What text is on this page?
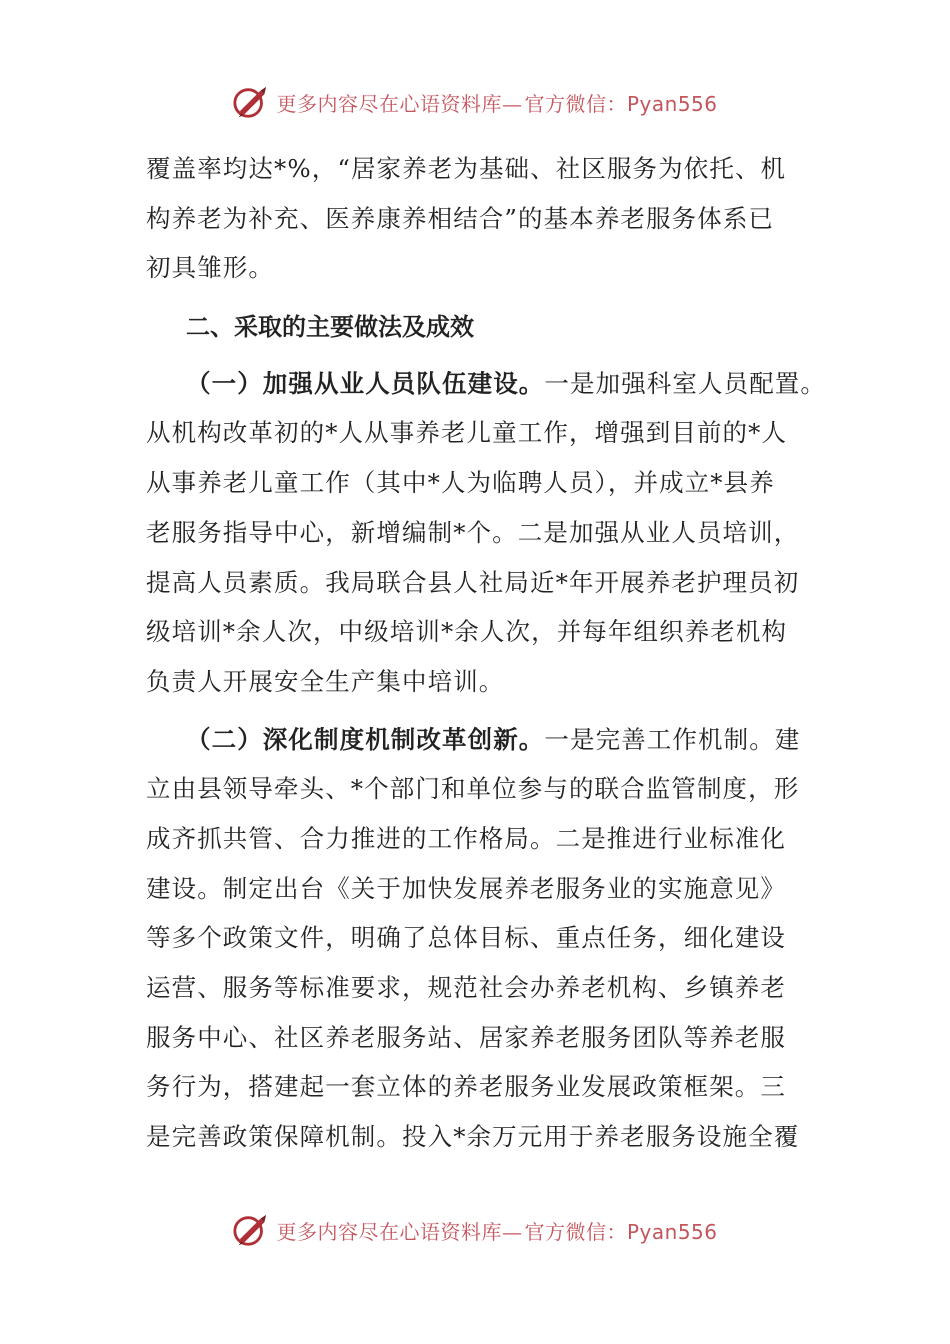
更多内容尽在心语资料库— 官方微信：Pyan556
覆盖率均达*%，“居家养老为基础、社区服务为依托、机
构养老为补充、医养康养相结合”的基本养老服务体系已
初具雏形。
二、采取的主要做法及成效
（一）加强从业人员队伍建设。一是加强科室人员配置。
从机构改革初的*人从事养老儿童工作，增强到目前的*人
从事养老儿童工作（其中*人为临聘人员），并成立*县养
老服务指导中心，新增编制*个。二是加强从业人员培训，
提高人员素质。我局联合县人社局近*年开展养老护理员初
级培训*余人次，中级培训*余人次，并每年组织养老机构
负责人开展安全生产集中培训。
（二）深化制度机制改革创新。一是完善工作机制。建
立由县领导牵头、*个部门和单位参与的联合监管制度，形
成齐抓共管、合力推进的工作格局。二是推进行业标准化
建设。制定出台《关于加快发展养老服务业的实施意见》
等多个政策文件，明确了总体目标、重点任务，细化建设
运营、服务等标准要求，规范社会办养老机构、乡镇养老
服务中心、社区养老服务站、居家养老服务团队等养老服
务行为，搭建起一套立体的养老服务业发展政策框架。三
是完善政策保障机制。投入*余万元用于养老服务设施全覆
更多内容尽在心语资料库— 官方微信：Pyan556
